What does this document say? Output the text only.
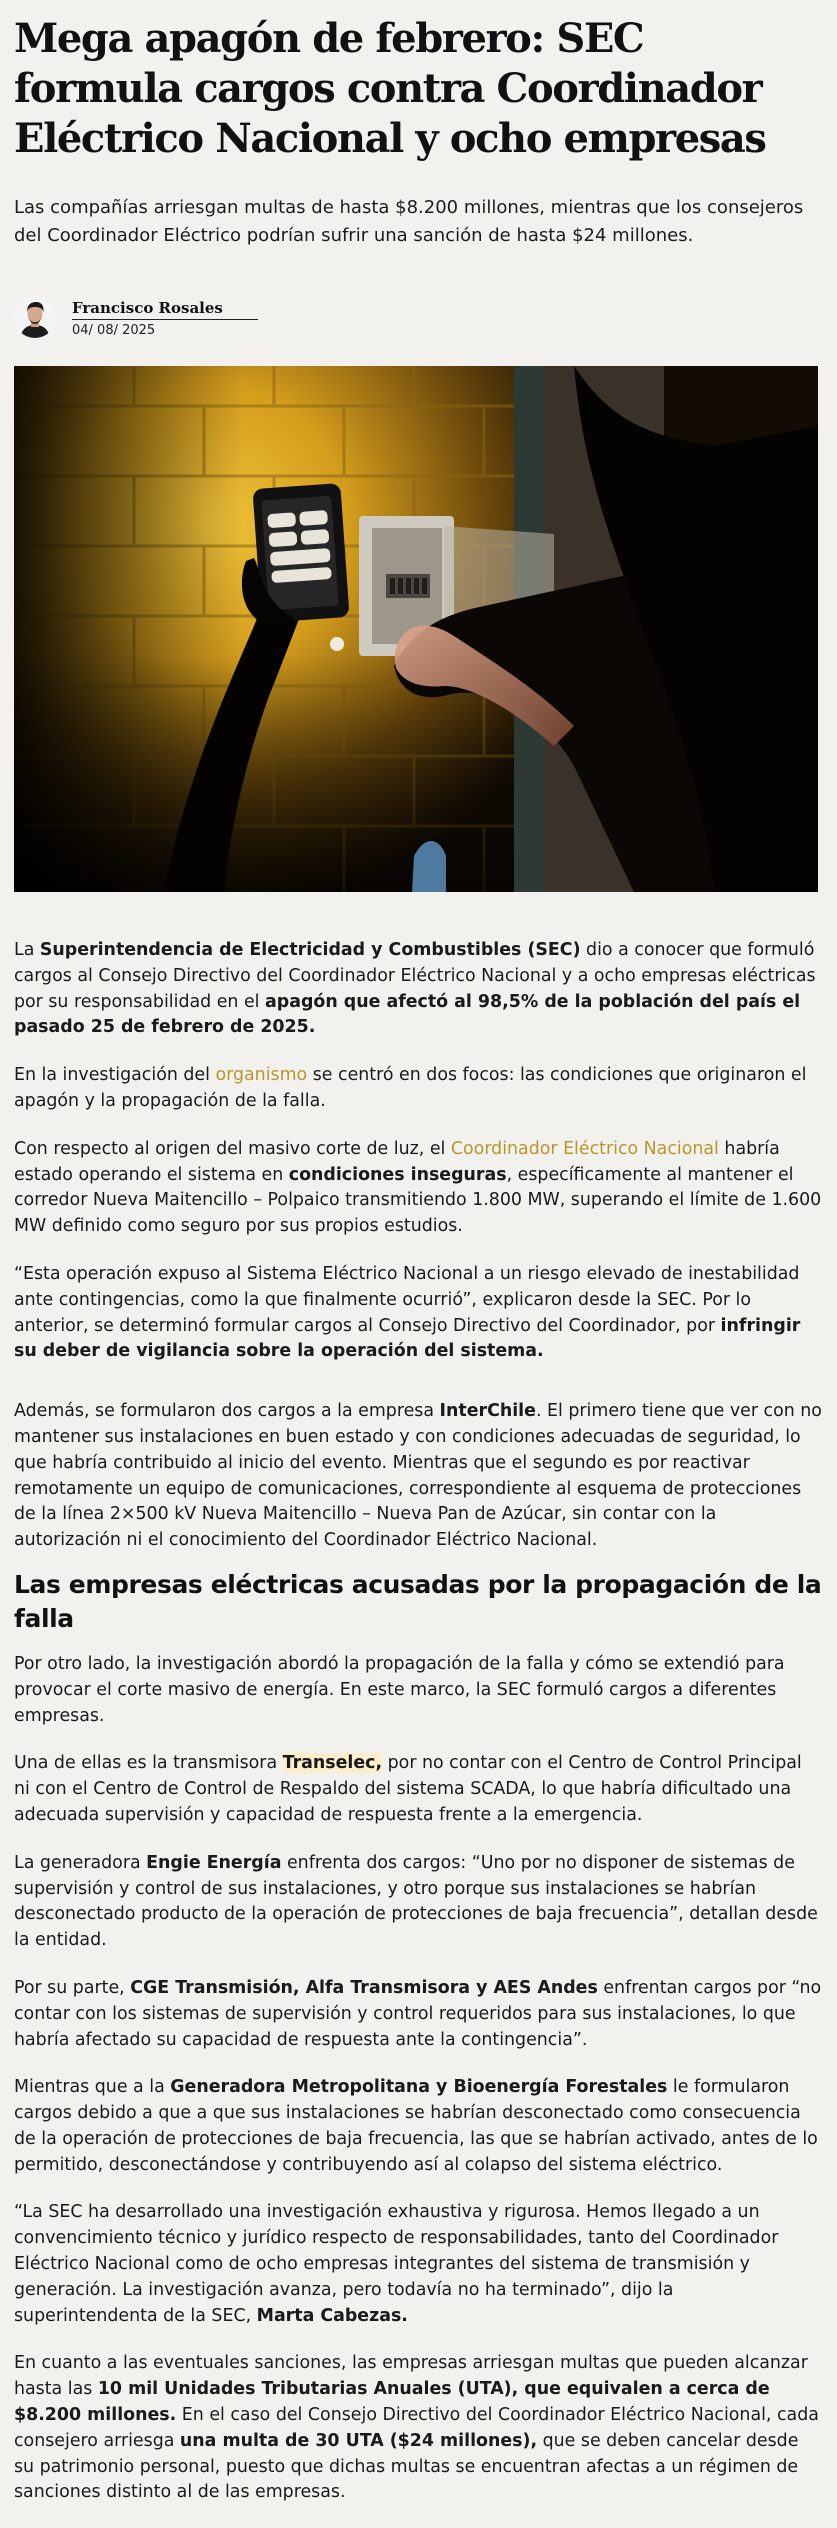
Mega apagón de febrero: SEC formula cargos contra Coordinador Eléctrico Nacional y ocho empresas

Las compañías arriesgan multas de hasta $8.200 millones, mientras que los consejeros del Coordinador Eléctrico podrían sufrir una sanción de hasta $24 millones.

Francisco Rosales
04/ 08/ 2025

La Superintendencia de Electricidad y Combustibles (SEC) dio a conocer que formuló cargos al Consejo Directivo del Coordinador Eléctrico Nacional y a ocho empresas eléctricas por su responsabilidad en el apagón que afectó al 98,5% de la población del país el pasado 25 de febrero de 2025.

En la investigación del organismo se centró en dos focos: las condiciones que originaron el apagón y la propagación de la falla.

Con respecto al origen del masivo corte de luz, el Coordinador Eléctrico Nacional habría estado operando el sistema en condiciones inseguras, específicamente al mantener el corredor Nueva Maitencillo – Polpaico transmitiendo 1.800 MW, superando el límite de 1.600 MW definido como seguro por sus propios estudios.

“Esta operación expuso al Sistema Eléctrico Nacional a un riesgo elevado de inestabilidad ante contingencias, como la que finalmente ocurrió”, explicaron desde la SEC. Por lo anterior, se determinó formular cargos al Consejo Directivo del Coordinador, por infringir su deber de vigilancia sobre la operación del sistema.

Además, se formularon dos cargos a la empresa InterChile. El primero tiene que ver con no mantener sus instalaciones en buen estado y con condiciones adecuadas de seguridad, lo que habría contribuido al inicio del evento. Mientras que el segundo es por reactivar remotamente un equipo de comunicaciones, correspondiente al esquema de protecciones de la línea 2×500 kV Nueva Maitencillo – Nueva Pan de Azúcar, sin contar con la autorización ni el conocimiento del Coordinador Eléctrico Nacional.

Las empresas eléctricas acusadas por la propagación de la falla

Por otro lado, la investigación abordó la propagación de la falla y cómo se extendió para provocar el corte masivo de energía. En este marco, la SEC formuló cargos a diferentes empresas.

Una de ellas es la transmisora Transelec, por no contar con el Centro de Control Principal ni con el Centro de Control de Respaldo del sistema SCADA, lo que habría dificultado una adecuada supervisión y capacidad de respuesta frente a la emergencia.

La generadora Engie Energía enfrenta dos cargos: “Uno por no disponer de sistemas de supervisión y control de sus instalaciones, y otro porque sus instalaciones se habrían desconectado producto de la operación de protecciones de baja frecuencia”, detallan desde la entidad.

Por su parte, CGE Transmisión, Alfa Transmisora y AES Andes enfrentan cargos por “no contar con los sistemas de supervisión y control requeridos para sus instalaciones, lo que habría afectado su capacidad de respuesta ante la contingencia”.

Mientras que a la Generadora Metropolitana y Bioenergía Forestales le formularon cargos debido a que a que sus instalaciones se habrían desconectado como consecuencia de la operación de protecciones de baja frecuencia, las que se habrían activado, antes de lo permitido, desconectándose y contribuyendo así al colapso del sistema eléctrico.

“La SEC ha desarrollado una investigación exhaustiva y rigurosa. Hemos llegado a un convencimiento técnico y jurídico respecto de responsabilidades, tanto del Coordinador Eléctrico Nacional como de ocho empresas integrantes del sistema de transmisión y generación. La investigación avanza, pero todavía no ha terminado”, dijo la superintendenta de la SEC, Marta Cabezas.

En cuanto a las eventuales sanciones, las empresas arriesgan multas que pueden alcanzar hasta las 10 mil Unidades Tributarias Anuales (UTA), que equivalen a cerca de $8.200 millones. En el caso del Consejo Directivo del Coordinador Eléctrico Nacional, cada consejero arriesga una multa de 30 UTA ($24 millones), que se deben cancelar desde su patrimonio personal, puesto que dichas multas se encuentran afectas a un régimen de sanciones distinto al de las empresas.
